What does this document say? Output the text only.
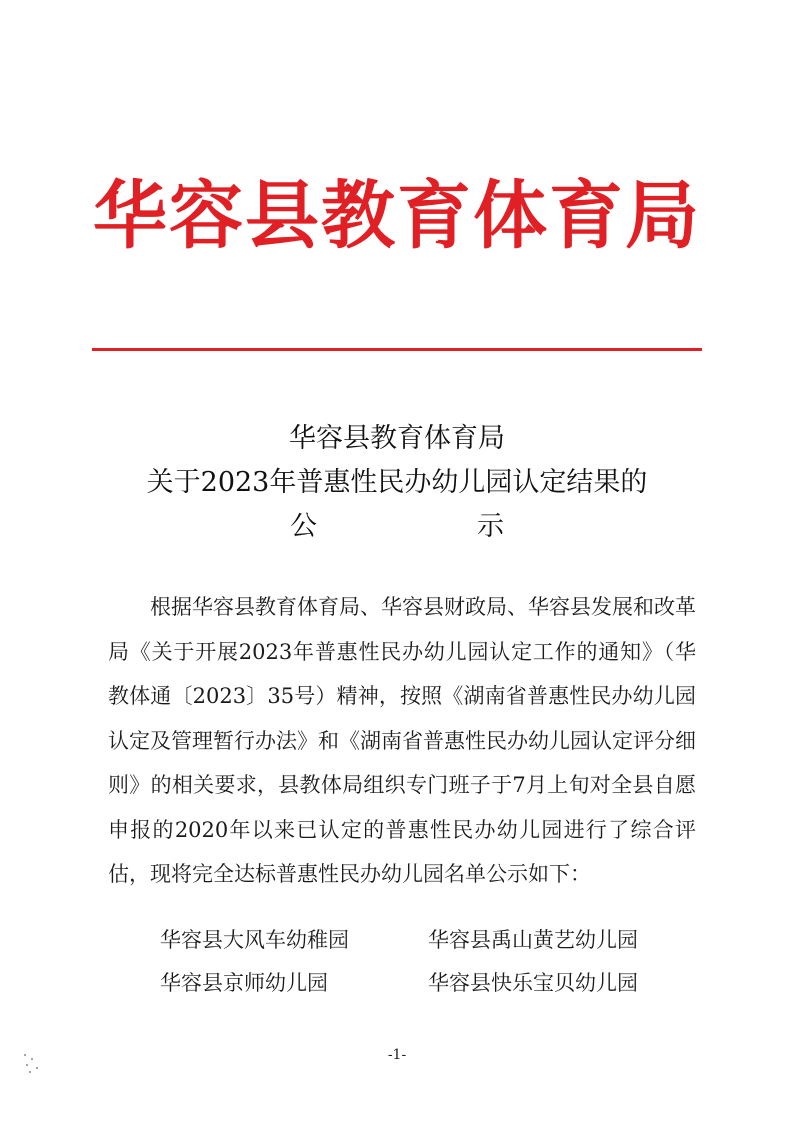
华容县教育体育局
华容县教育体育局
关于2023年普惠性民办幼儿园认定结果的
公	示

根据华容县教育体育局、华容县财政局、华容县发展和改革局《关于开展2023年普惠性民办幼儿园认定工作的通知》（华教体通〔2023〕35号）精神，按照《湖南省普惠性民办幼儿园认定及管理暂行办法》和《湖南省普惠性民办幼儿园认定评分细则》的相关要求，县教体局组织专门班子于7月上旬对全县自愿申报的2020年以来已认定的普惠性民办幼儿园进行了综合评估，现将完全达标普惠性民办幼儿园名单公示如下：

华容县大风车幼稚园	华容县禹山黄艺幼儿园
华容县京师幼儿园	华容县快乐宝贝幼儿园
-1-
